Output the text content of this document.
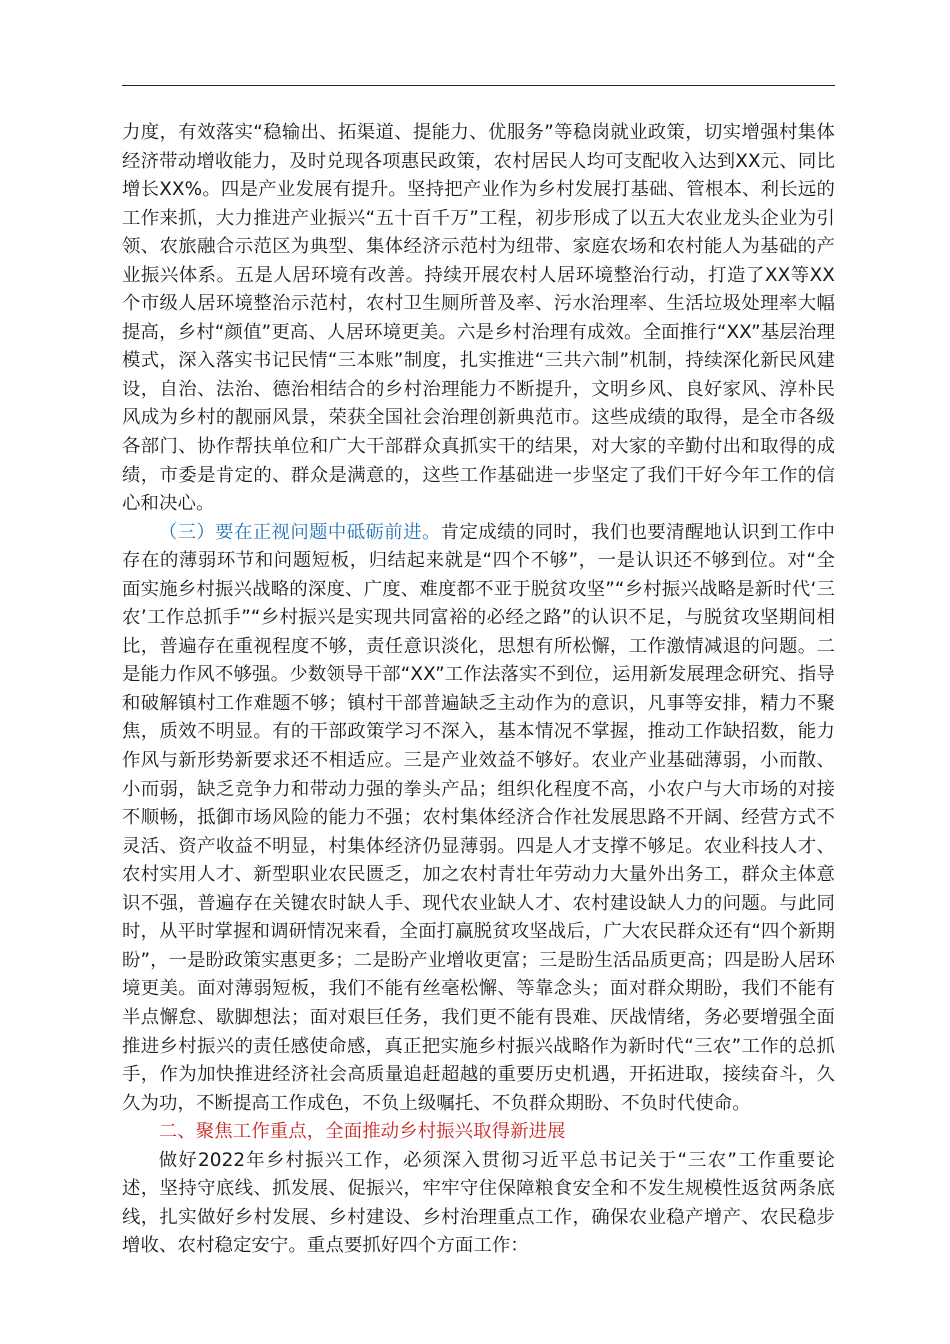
力度，有效落实“稳输出、拓渠道、提能力、优服务”等稳岗就业政策，切实增强村集体经济带动增收能力，及时兑现各项惠民政策，农村居民人均可支配收入达到XX元、同比增长XX%。四是产业发展有提升。坚持把产业作为乡村发展打基础、管根本、利长远的工作来抓，大力推进产业振兴“五十百千万”工程，初步形成了以五大农业龙头企业为引领、农旅融合示范区为典型、集体经济示范村为纽带、家庭农场和农村能人为基础的产业振兴体系。五是人居环境有改善。持续开展农村人居环境整治行动，打造了XX等XX个市级人居环境整治示范村，农村卫生厕所普及率、污水治理率、生活垃圾处理率大幅提高，乡村“颜值”更高、人居环境更美。六是乡村治理有成效。全面推行“XX”基层治理模式，深入落实书记民情“三本账”制度，扎实推进“三共六制”机制，持续深化新民风建设，自治、法治、德治相结合的乡村治理能力不断提升，文明乡风、良好家风、淳朴民风成为乡村的靓丽风景，荣获全国社会治理创新典范市。这些成绩的取得，是全市各级各部门、协作帮扶单位和广大干部群众真抓实干的结果，对大家的辛勤付出和取得的成绩，市委是肯定的、群众是满意的，这些工作基础进一步坚定了我们干好今年工作的信心和决心。

（三）要在正视问题中砥砺前进。肯定成绩的同时，我们也要清醒地认识到工作中存在的薄弱环节和问题短板，归结起来就是“四个不够”，一是认识还不够到位。对“全面实施乡村振兴战略的深度、广度、难度都不亚于脱贫攻坚”“乡村振兴战略是新时代‘三农’工作总抓手”“乡村振兴是实现共同富裕的必经之路”的认识不足，与脱贫攻坚期间相比，普遍存在重视程度不够，责任意识淡化，思想有所松懈，工作激情减退的问题。二是能力作风不够强。少数领导干部“XX”工作法落实不到位，运用新发展理念研究、指导和破解镇村工作难题不够；镇村干部普遍缺乏主动作为的意识，凡事等安排，精力不聚焦，质效不明显。有的干部政策学习不深入，基本情况不掌握，推动工作缺招数，能力作风与新形势新要求还不相适应。三是产业效益不够好。农业产业基础薄弱，小而散、小而弱，缺乏竞争力和带动力强的拳头产品；组织化程度不高，小农户与大市场的对接不顺畅，抵御市场风险的能力不强；农村集体经济合作社发展思路不开阔、经营方式不灵活、资产收益不明显，村集体经济仍显薄弱。四是人才支撑不够足。农业科技人才、农村实用人才、新型职业农民匮乏，加之农村青壮年劳动力大量外出务工，群众主体意识不强，普遍存在关键农时缺人手、现代农业缺人才、农村建设缺人力的问题。与此同时，从平时掌握和调研情况来看，全面打赢脱贫攻坚战后，广大农民群众还有“四个新期盼”，一是盼政策实惠更多；二是盼产业增收更富；三是盼生活品质更高；四是盼人居环境更美。面对薄弱短板，我们不能有丝毫松懈、等靠念头；面对群众期盼，我们不能有半点懈怠、歇脚想法；面对艰巨任务，我们更不能有畏难、厌战情绪，务必要增强全面推进乡村振兴的责任感使命感，真正把实施乡村振兴战略作为新时代“三农”工作的总抓手，作为加快推进经济社会高质量追赶超越的重要历史机遇，开拓进取，接续奋斗，久久为功，不断提高工作成色，不负上级嘱托、不负群众期盼、不负时代使命。

二、聚焦工作重点，全面推动乡村振兴取得新进展

做好2022年乡村振兴工作，必须深入贯彻习近平总书记关于“三农”工作重要论述，坚持守底线、抓发展、促振兴，牢牢守住保障粮食安全和不发生规模性返贫两条底线，扎实做好乡村发展、乡村建设、乡村治理重点工作，确保农业稳产增产、农民稳步增收、农村稳定安宁。重点要抓好四个方面工作：
